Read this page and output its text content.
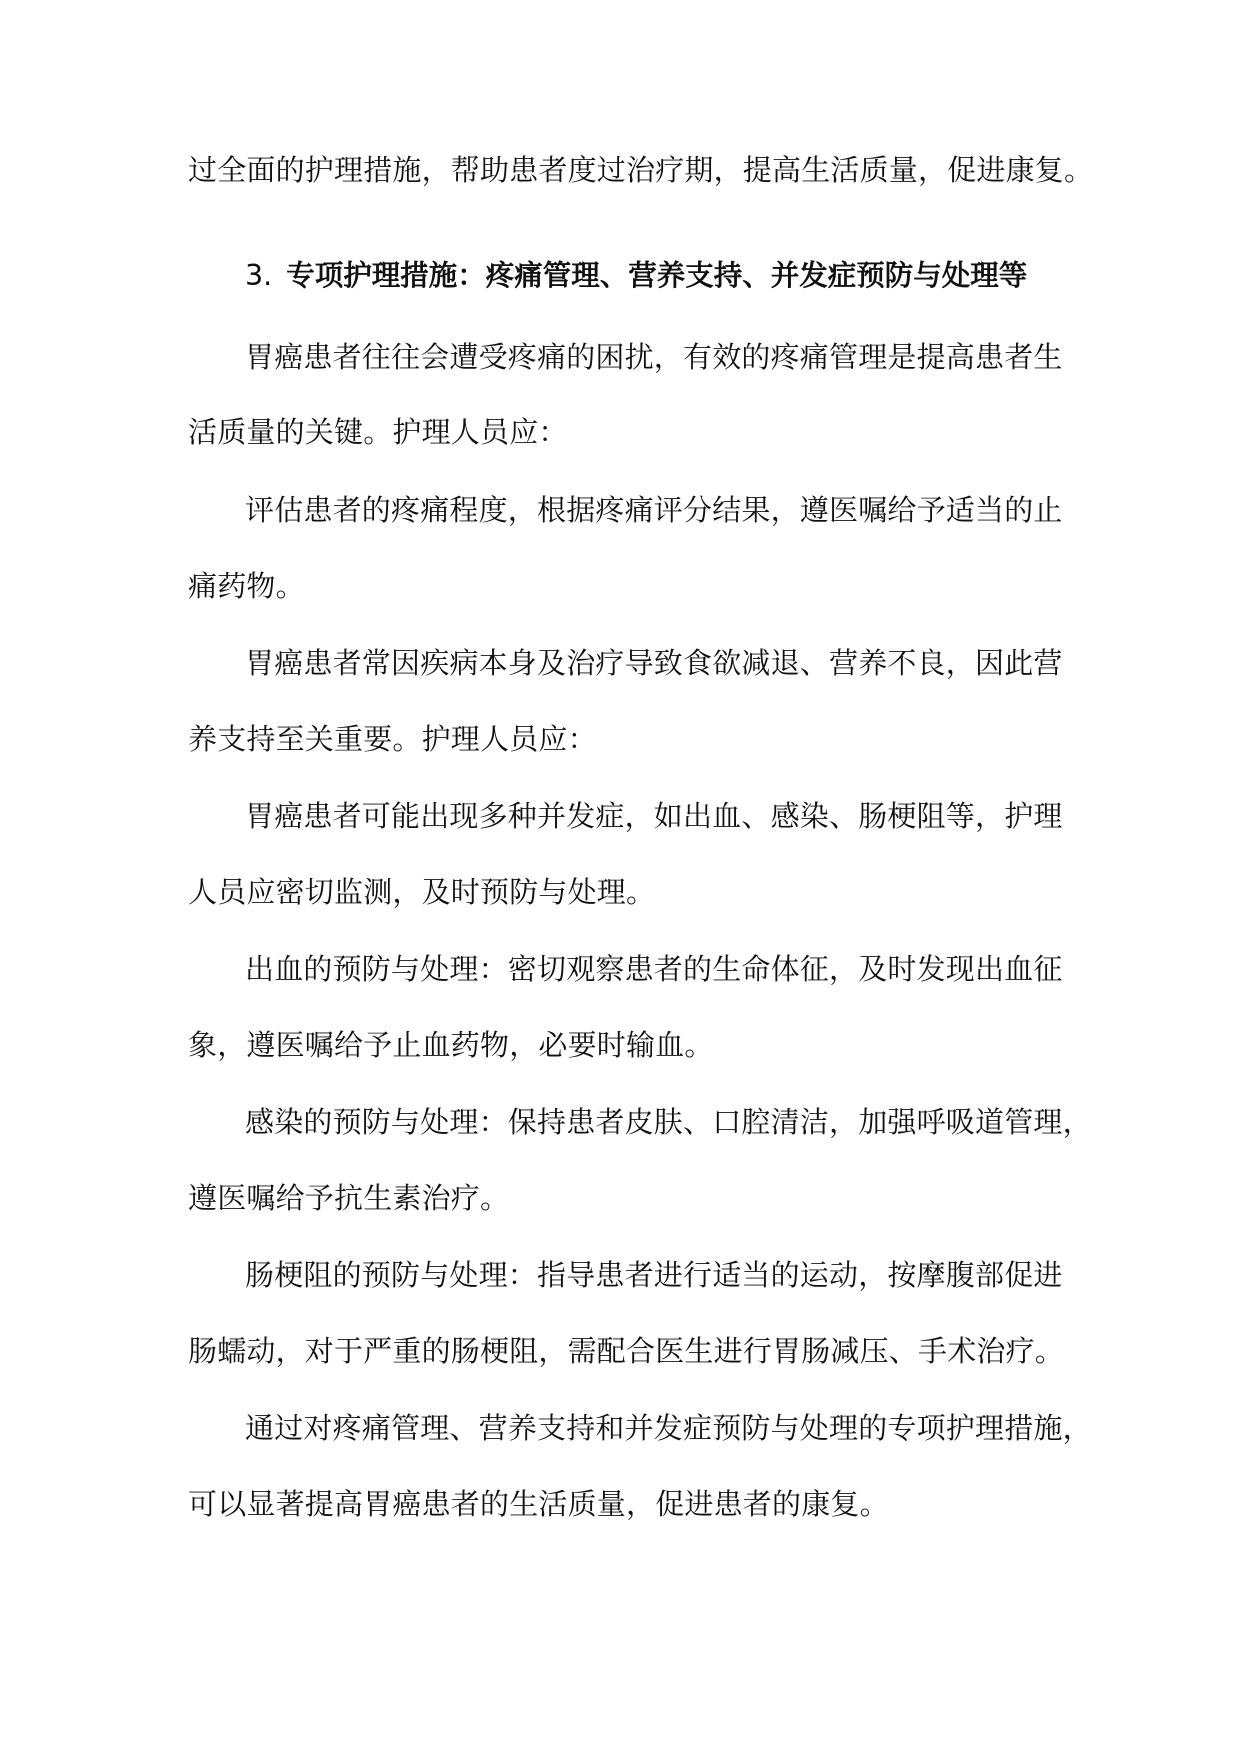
过全面的护理措施，帮助患者度过治疗期，提高生活质量，促进康复。
3. 专项护理措施：疼痛管理、营养支持、并发症预防与处理等
胃癌患者往往会遭受疼痛的困扰，有效的疼痛管理是提高患者生
活质量的关键。护理人员应：
评估患者的疼痛程度，根据疼痛评分结果，遵医嘱给予适当的止
痛药物。
胃癌患者常因疾病本身及治疗导致食欲减退、营养不良，因此营
养支持至关重要。护理人员应：
胃癌患者可能出现多种并发症，如出血、感染、肠梗阻等，护理
人员应密切监测，及时预防与处理。
出血的预防与处理：密切观察患者的生命体征，及时发现出血征
象，遵医嘱给予止血药物，必要时输血。
感染的预防与处理：保持患者皮肤、口腔清洁，加强呼吸道管理，
遵医嘱给予抗生素治疗。
肠梗阻的预防与处理：指导患者进行适当的运动，按摩腹部促进
肠蠕动，对于严重的肠梗阻，需配合医生进行胃肠减压、手术治疗。
通过对疼痛管理、营养支持和并发症预防与处理的专项护理措施，
可以显著提高胃癌患者的生活质量，促进患者的康复。
